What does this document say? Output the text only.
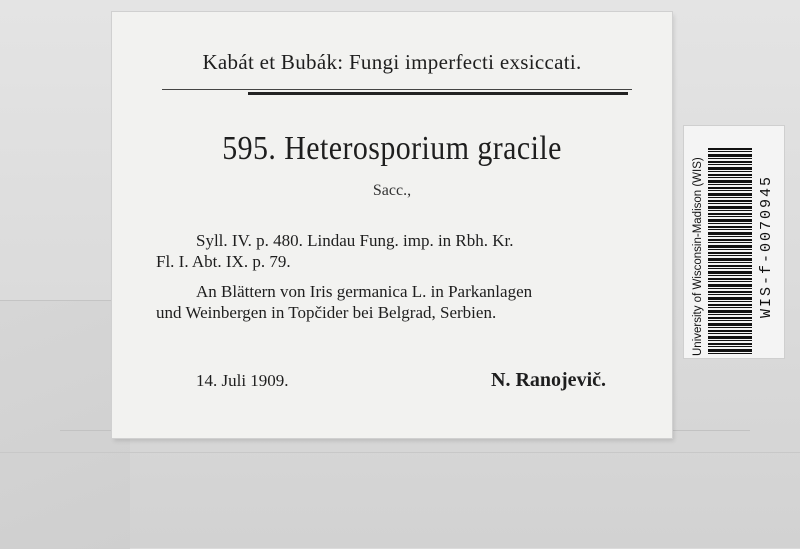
Kabát et Bubák: Fungi imperfecti exsiccati.
595. Heterosporium gracile
Sacc.,
Syll. IV. p. 480. Lindau Fung. imp. in Rbh. Kr.
Fl. I. Abt. IX. p. 79.
An Blättern von Iris germanica L. in Parkanlagen
und Weinbergen in Topčider bei Belgrad, Serbien.
14. Juli 1909.	N. Ranojevič.
University of Wisconsin-Madison (WIS)	WIS-f-0070945
